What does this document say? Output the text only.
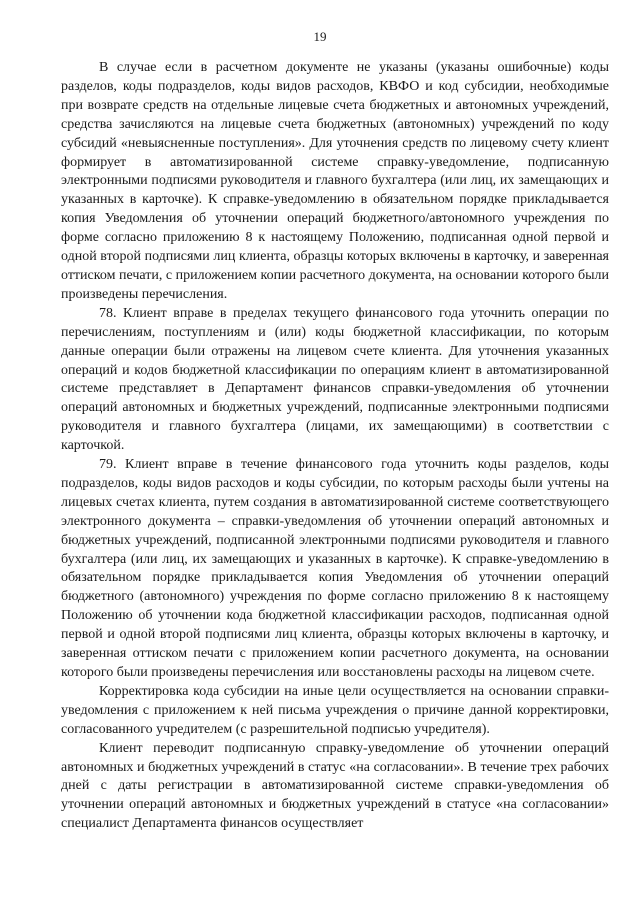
19

В случае если в расчетном документе не указаны (указаны ошибочные) коды разделов, коды подразделов, коды видов расходов, КВФО и код субсидии, необходимые при возврате средств на отдельные лицевые счета бюджетных и автономных учреждений, средства зачисляются на лицевые счета бюджетных (автономных) учреждений по коду субсидий «невыясненные поступления». Для уточнения средств по лицевому счету клиент формирует в автоматизированной системе справку-уведомление, подписанную электронными подписями руководителя и главного бухгалтера (или лиц, их замещающих и указанных в карточке). К справке-уведомлению в обязательном порядке прикладывается копия Уведомления об уточнении операций бюджетного/автономного учреждения по форме согласно приложению 8 к настоящему Положению, подписанная одной первой и одной второй подписями лиц клиента, образцы которых включены в карточку, и заверенная оттиском печати, с приложением копии расчетного документа, на основании которого были произведены перечисления.

78. Клиент вправе в пределах текущего финансового года уточнить операции по перечислениям, поступлениям и (или) коды бюджетной классификации, по которым данные операции были отражены на лицевом счете клиента. Для уточнения указанных операций и кодов бюджетной классификации по операциям клиент в автоматизированной системе представляет в Департамент финансов справки-уведомления об уточнении операций автономных и бюджетных учреждений, подписанные электронными подписями руководителя и главного бухгалтера (лицами, их замещающими) в соответствии с карточкой.

79. Клиент вправе в течение финансового года уточнить коды разделов, коды подразделов, коды видов расходов и коды субсидии, по которым расходы были учтены на лицевых счетах клиента, путем создания в автоматизированной системе соответствующего электронного документа – справки-уведомления об уточнении операций автономных и бюджетных учреждений, подписанной электронными подписями руководителя и главного бухгалтера (или лиц, их замещающих и указанных в карточке). К справке-уведомлению в обязательном порядке прикладывается копия Уведомления об уточнении операций бюджетного (автономного) учреждения по форме согласно приложению 8 к настоящему Положению об уточнении кода бюджетной классификации расходов, подписанная одной первой и одной второй подписями лиц клиента, образцы которых включены в карточку, и заверенная оттиском печати с приложением копии расчетного документа, на основании которого были произведены перечисления или восстановлены расходы на лицевом счете.

Корректировка кода субсидии на иные цели осуществляется на основании справки-уведомления с приложением к ней письма учреждения о причине данной корректировки, согласованного учредителем (с разрешительной подписью учредителя).

Клиент переводит подписанную справку-уведомление об уточнении операций автономных и бюджетных учреждений в статус «на согласовании». В течение трех рабочих дней с даты регистрации в автоматизированной системе справки-уведомления об уточнении операций автономных и бюджетных учреждений в статусе «на согласовании» специалист Департамента финансов осуществляет
